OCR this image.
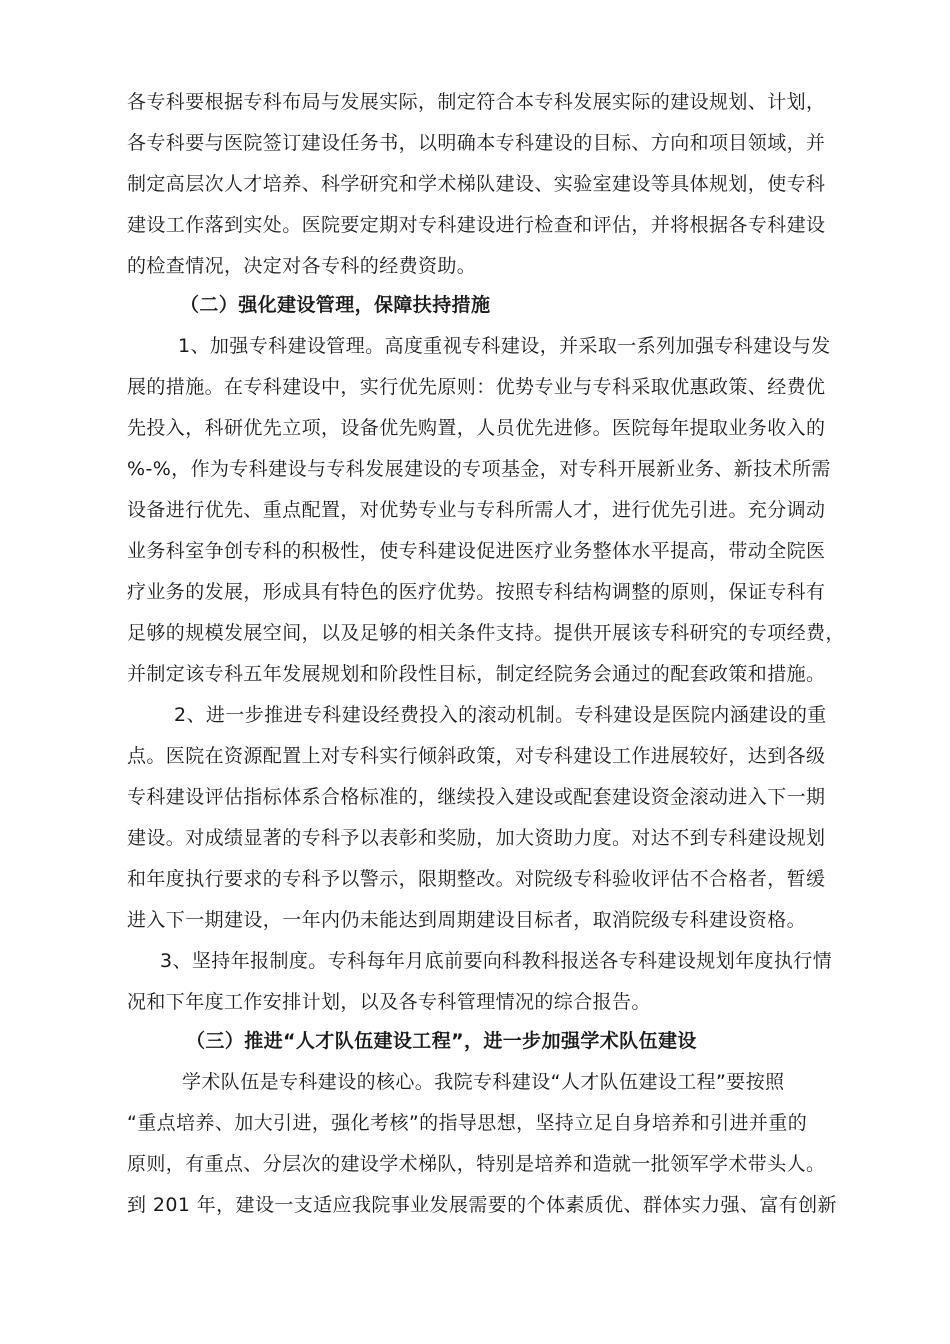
各专科要根据专科布局与发展实际，制定符合本专科发展实际的建设规划、计划，
各专科要与医院签订建设任务书，以明确本专科建设的目标、方向和项目领域，并
制定高层次人才培养、科学研究和学术梯队建设、实验室建设等具体规划，使专科
建设工作落到实处。医院要定期对专科建设进行检查和评估，并将根据各专科建设
的检查情况，决定对各专科的经费资助。
（二）强化建设管理，保障扶持措施
1、加强专科建设管理。高度重视专科建设，并采取一系列加强专科建设与发
展的措施。在专科建设中，实行优先原则：优势专业与专科采取优惠政策、经费优
先投入，科研优先立项，设备优先购置，人员优先进修。医院每年提取业务收入的
%-%，作为专科建设与专科发展建设的专项基金，对专科开展新业务、新技术所需
设备进行优先、重点配置，对优势专业与专科所需人才，进行优先引进。充分调动
业务科室争创专科的积极性，使专科建设促进医疗业务整体水平提高，带动全院医
疗业务的发展，形成具有特色的医疗优势。按照专科结构调整的原则，保证专科有
足够的规模发展空间，以及足够的相关条件支持。提供开展该专科研究的专项经费，
并制定该专科五年发展规划和阶段性目标，制定经院务会通过的配套政策和措施。
2、进一步推进专科建设经费投入的滚动机制。专科建设是医院内涵建设的重
点。医院在资源配置上对专科实行倾斜政策，对专科建设工作进展较好，达到各级
专科建设评估指标体系合格标准的，继续投入建设或配套建设资金滚动进入下一期
建设。对成绩显著的专科予以表彰和奖励，加大资助力度。对达不到专科建设规划
和年度执行要求的专科予以警示，限期整改。对院级专科验收评估不合格者，暂缓
进入下一期建设，一年内仍未能达到周期建设目标者，取消院级专科建设资格。
3、坚持年报制度。专科每年月底前要向科教科报送各专科建设规划年度执行情
况和下年度工作安排计划，以及各专科管理情况的综合报告。
（三）推进“人才队伍建设工程”，进一步加强学术队伍建设
学术队伍是专科建设的核心。我院专科建设“人才队伍建设工程”要按照
“重点培养、加大引进，强化考核”的指导思想，坚持立足自身培养和引进并重的
原则，有重点、分层次的建设学术梯队，特别是培养和造就一批领军学术带头人。
到 201 年，建设一支适应我院事业发展需要的个体素质优、群体实力强、富有创新
